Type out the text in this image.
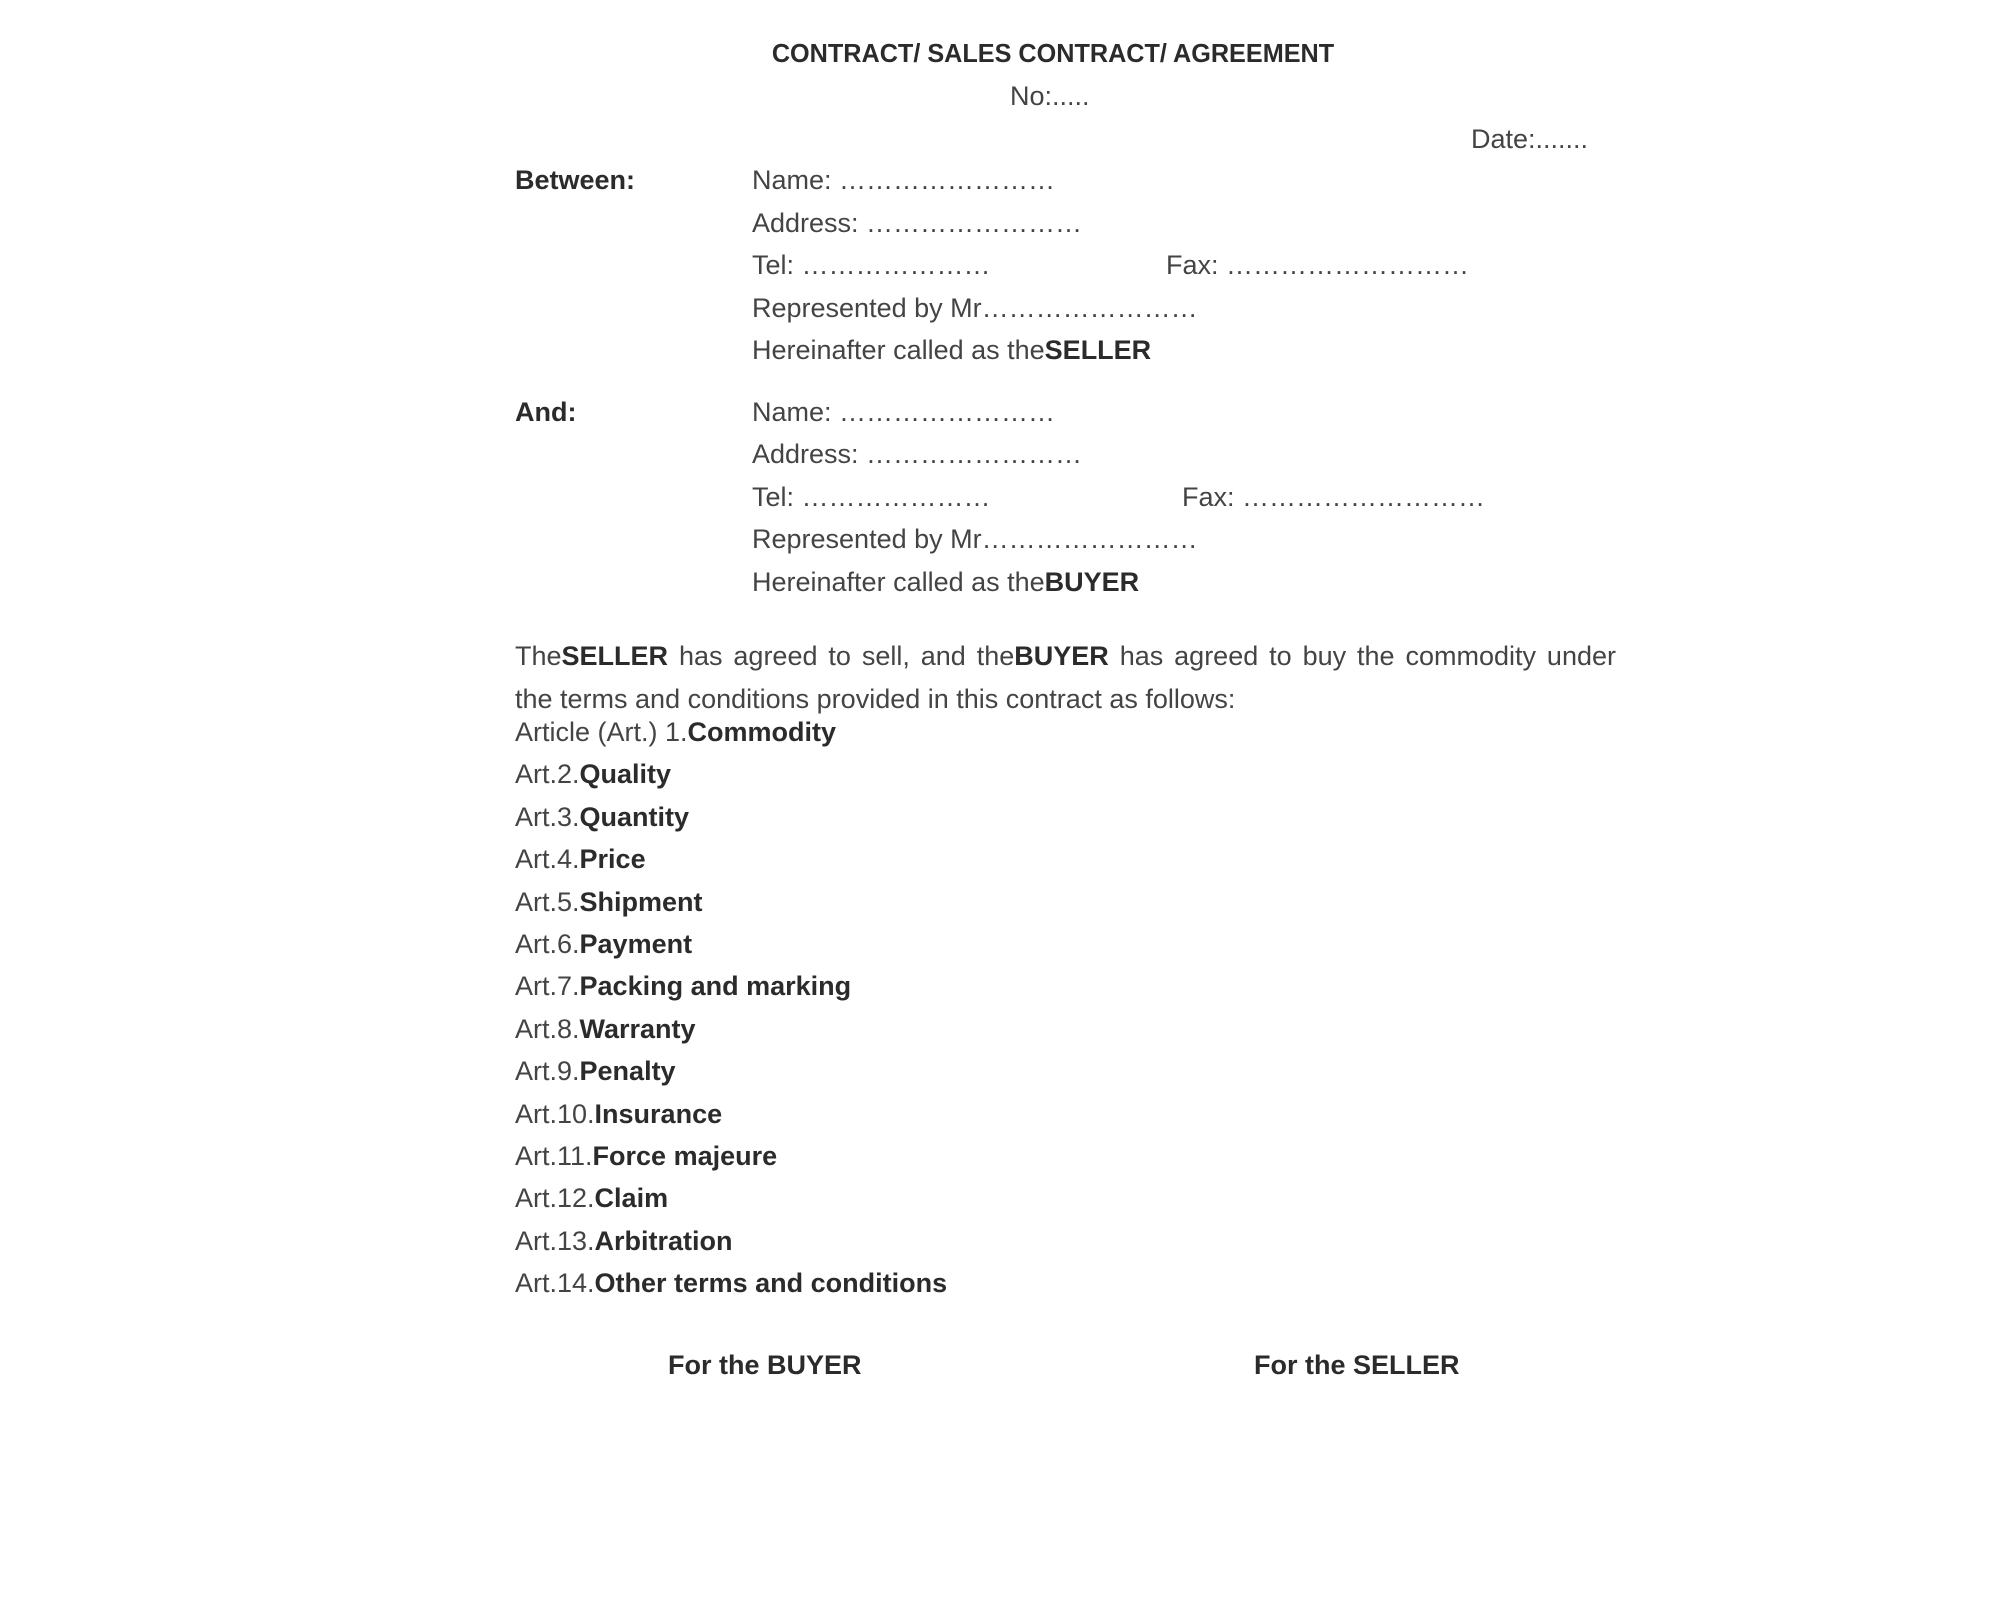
CONTRACT/ SALES CONTRACT/ AGREEMENT
No:.....
Date:.......
Between:	Name: ……………………
Address: ……………………
Tel: …………………	Fax: ………………………
Represented by Mr……………………
Hereinafter called as theSELLER
And:	Name: ……………………
Address: ……………………
Tel: …………………	Fax: ………………………
Represented by Mr……………………
Hereinafter called as theBUYER
TheSELLER has agreed to sell, and theBUYER has agreed to buy the commodity under the terms and conditions provided in this contract as follows:
Article (Art.) 1.Commodity
Art.2.Quality
Art.3.Quantity
Art.4.Price
Art.5.Shipment
Art.6.Payment
Art.7.Packing and marking
Art.8.Warranty
Art.9.Penalty
Art.10.Insurance
Art.11.Force majeure
Art.12.Claim
Art.13.Arbitration
Art.14.Other terms and conditions
For the BUYER	For the SELLER
